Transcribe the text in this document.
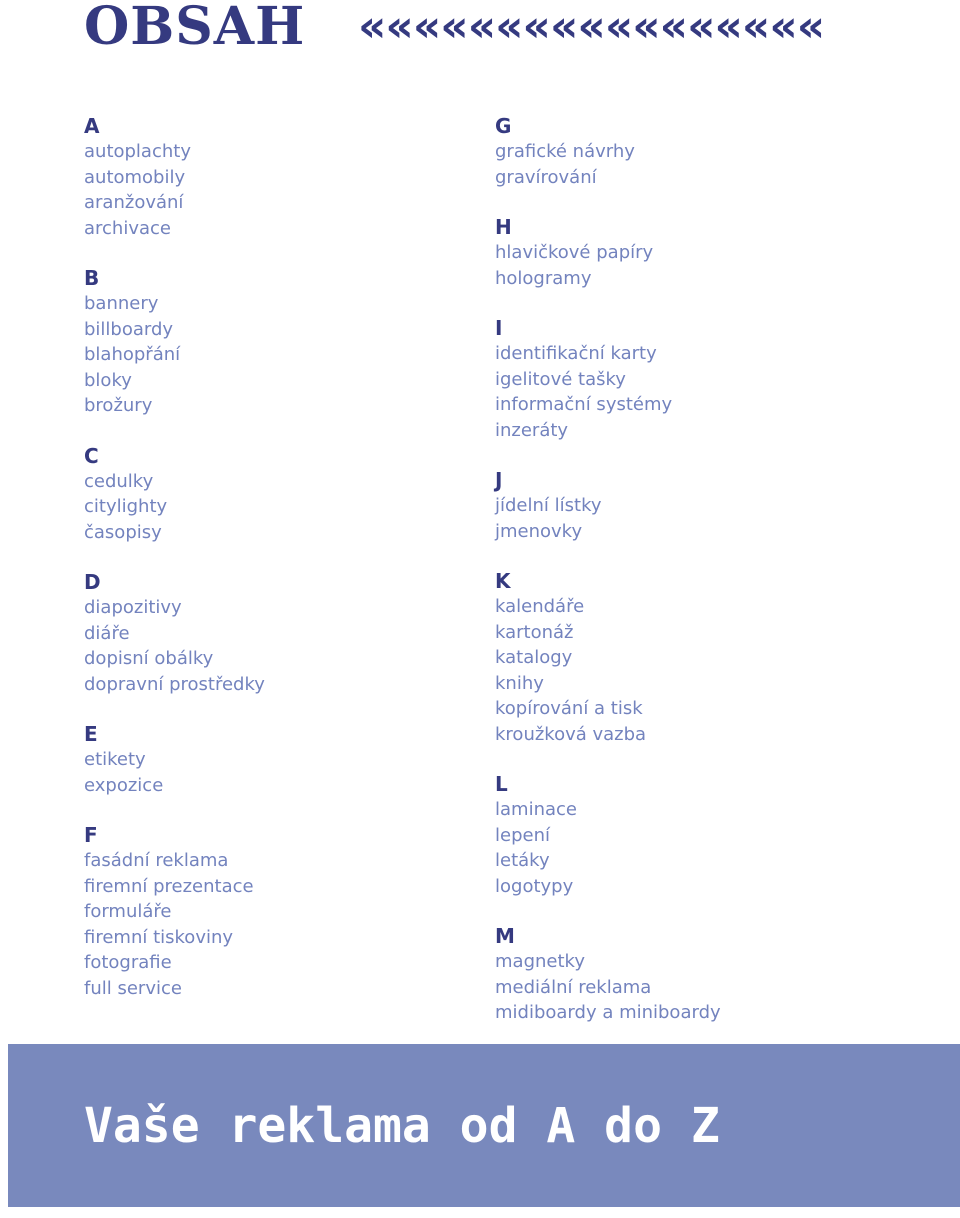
OBSAH «««««««««««««««««
A
autoplachty
automobily
aranžování
archivace
B
bannery
billboardy
blahopřání
bloky
brožury
C
cedulky
citylighty
časopisy
D
diapozitivy
diáře
dopisní obálky
dopravní prostředky
E
etikety
expozice
F
fasádní reklama
firemní prezentace
formuláře
firemní tiskoviny
fotografie
full service
G
grafické návrhy
gravírování
H
hlavičkové papíry
hologramy
I
identifikační karty
igelitové tašky
informační systémy
inzeráty
J
jídelní lístky
jmenovky
K
kalendáře
kartonáž
katalogy
knihy
kopírování a tisk
kroužková vazba
L
laminace
lepení
letáky
logotypy
M
magnetky
mediální reklama
midiboardy a miniboardy
Vaše reklama od A do Z
